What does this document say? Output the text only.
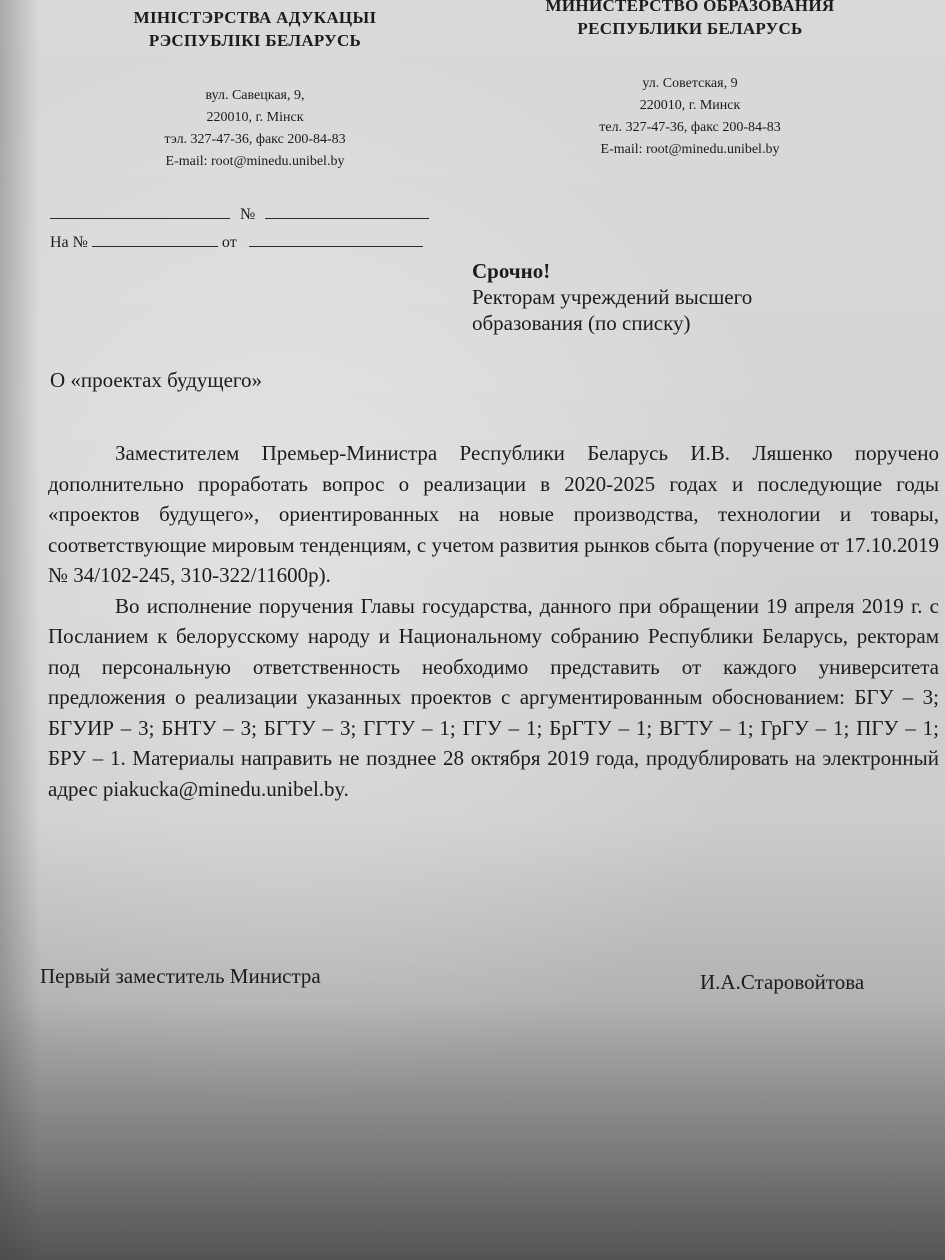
МІНІСТЭРСТВА АДУКАЦЫІ
РЭСПУБЛІКІ БЕЛАРУСЬ
вул. Савецкая, 9,
220010, г. Мінск
тэл. 327-47-36, факс 200-84-83
E-mail: root@minedu.unibel.by
МИНИСТЕРСТВО ОБРАЗОВАНИЯ
РЕСПУБЛИКИ БЕЛАРУСЬ
ул. Советская, 9
220010, г. Минск
тел. 327-47-36, факс 200-84-83
E-mail: root@minedu.unibel.by
№
На №	от
Срочно!
Ректорам учреждений высшего
образования (по списку)
О «проектах будущего»

Заместителем Премьер-Министра Республики Беларусь И.В. Ляшенко поручено дополнительно проработать вопрос о реализации в 2020-2025 годах и последующие годы «проектов будущего», ориентированных на новые производства, технологии и товары, соответствующие мировым тенденциям, с учетом развития рынков сбыта (поручение от 17.10.2019 № 34/102-245, 310-322/11600р).

Во исполнение поручения Главы государства, данного при обращении 19 апреля 2019 г. с Посланием к белорусскому народу и Национальному собранию Республики Беларусь, ректорам под персональную ответственность необходимо представить от каждого университета предложения о реализации указанных проектов с аргументированным обоснованием: БГУ – 3; БГУИР – 3; БНТУ – 3; БГТУ – 3; ГГТУ – 1; ГГУ – 1; БрГТУ – 1; ВГТУ – 1; ГрГУ – 1; ПГУ – 1; БРУ – 1. Материалы направить не позднее 28 октября 2019 года, продублировать на электронный адрес piakucka@minedu.unibel.by.

Первый заместитель Министра	И.А.Старовойтова
